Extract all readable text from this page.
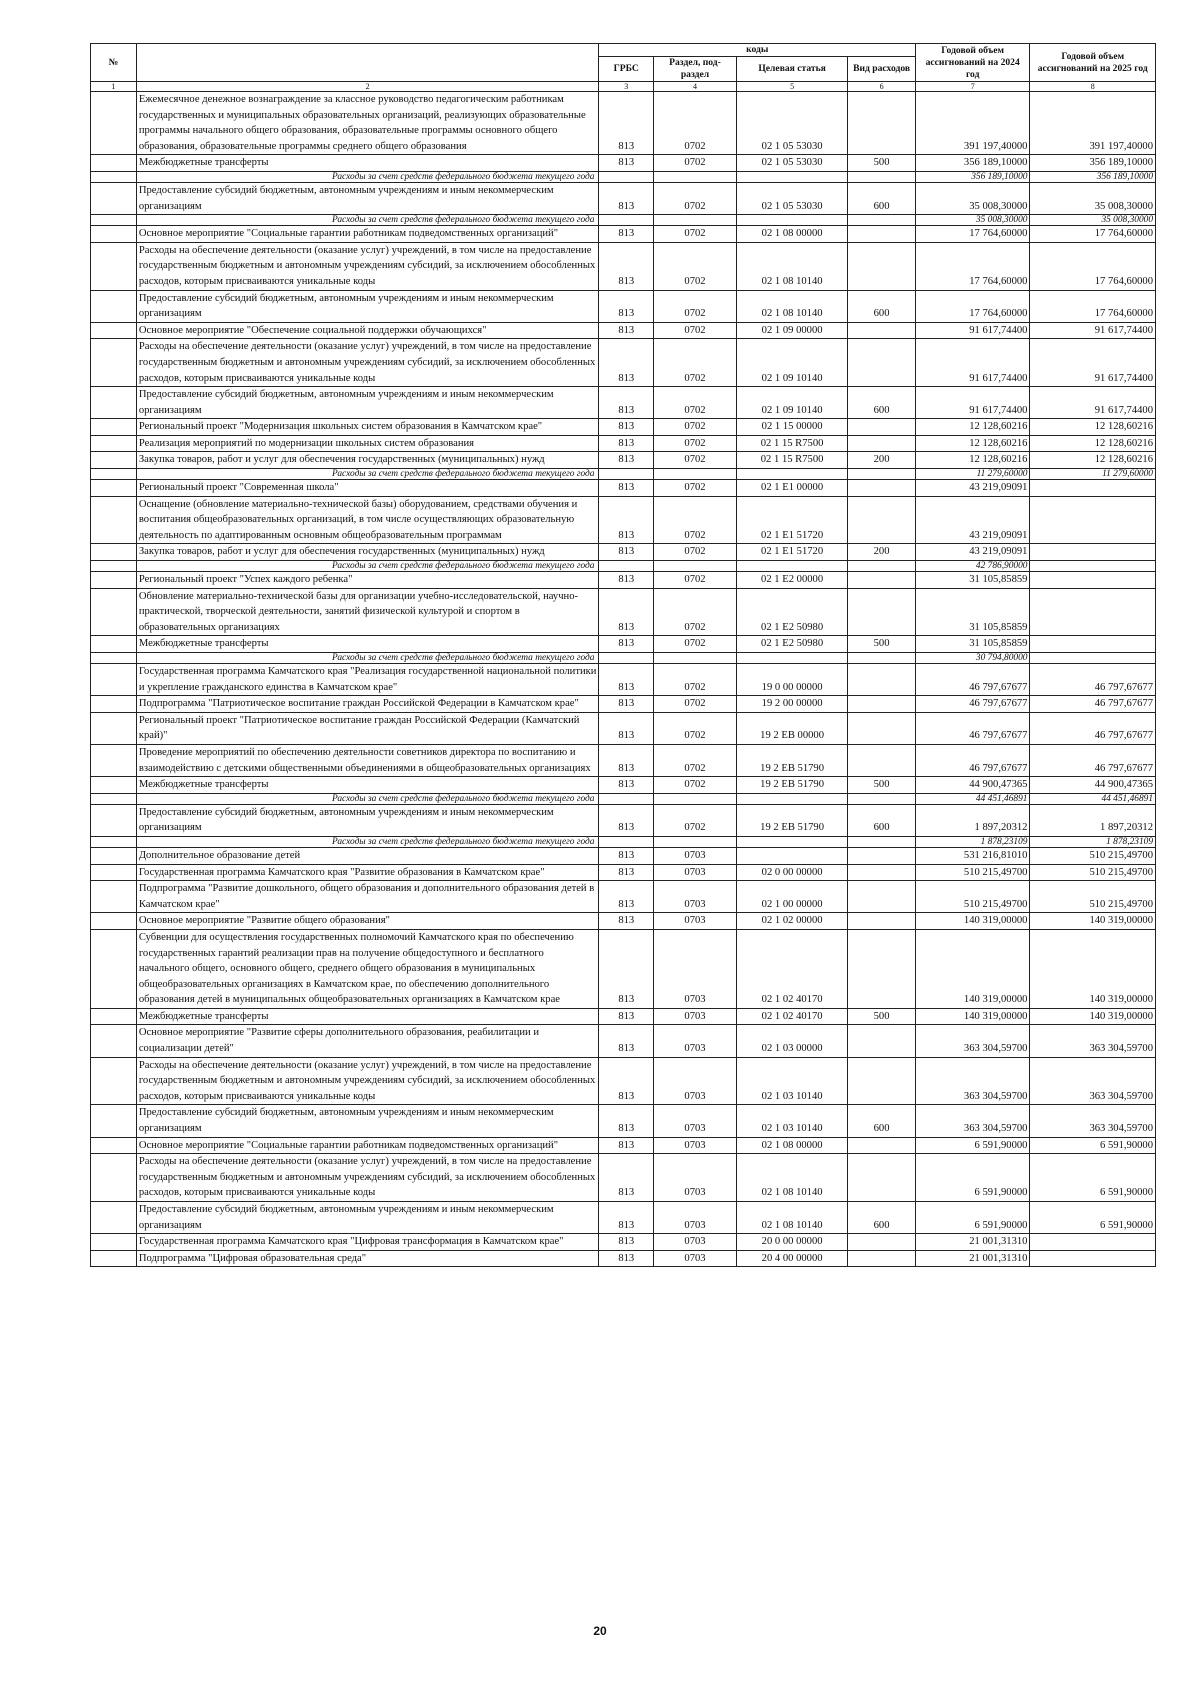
№		коды				Годовой объем ассигнований на 2024 год	Годовой объем ассигнований на 2025 год
		ГРБС	Раздел, под-раздел	Целевая статья	Вид расходов		
1	2	3	4	5	6	7	8
	Ежемесячное денежное вознаграждение за классное руководство педагогическим работникам государственных и муниципальных образовательных организаций, реализующих образовательные программы начального общего образования, образовательные программы основного общего образования, образовательные программы среднего общего образования	813	0702	02 1 05 53030		391 197,40000	391 197,40000
	Межбюджетные трансферты	813	0702	02 1 05 53030	500	356 189,10000	356 189,10000
	Расходы за счет средств федерального бюджета текущего года					356 189,10000	356 189,10000
	Предоставление субсидий бюджетным, автономным учреждениям и иным некоммерческим организациям	813	0702	02 1 05 53030	600	35 008,30000	35 008,30000
	Расходы за счет средств федерального бюджета текущего года					35 008,30000	35 008,30000
	Основное мероприятие "Социальные гарантии работникам подведомственных организаций"	813	0702	02 1 08 00000		17 764,60000	17 764,60000
	Расходы на обеспечение деятельности (оказание услуг) учреждений, в том числе на предоставление государственным бюджетным и автономным учреждениям субсидий, за исключением обособленных расходов, которым присваиваются уникальные коды	813	0702	02 1 08 10140		17 764,60000	17 764,60000
	Предоставление субсидий бюджетным, автономным учреждениям и иным некоммерческим организациям	813	0702	02 1 08 10140	600	17 764,60000	17 764,60000
	Основное мероприятие "Обеспечение социальной поддержки обучающихся"	813	0702	02 1 09 00000		91 617,74400	91 617,74400
	Расходы на обеспечение деятельности (оказание услуг) учреждений, в том числе на предоставление государственным бюджетным и автономным учреждениям субсидий, за исключением обособленных расходов, которым присваиваются уникальные коды	813	0702	02 1 09 10140		91 617,74400	91 617,74400
	Предоставление субсидий бюджетным, автономным учреждениям и иным некоммерческим организациям	813	0702	02 1 09 10140	600	91 617,74400	91 617,74400
	Региональный проект "Модернизация школьных систем образования в Камчатском крае"	813	0702	02 1 15 00000		12 128,60216	12 128,60216
	Реализация мероприятий по модернизации школьных систем образования	813	0702	02 1 15 R7500		12 128,60216	12 128,60216
	Закупка товаров, работ и услуг для обеспечения государственных (муниципальных) нужд	813	0702	02 1 15 R7500	200	12 128,60216	12 128,60216
	Расходы за счет средств федерального бюджета текущего года					11 279,60000	11 279,60000
	Региональный проект "Современная школа"	813	0702	02 1 E1 00000		43 219,09091	
	Оснащение (обновление материально-технической базы) оборудованием, средствами обучения и воспитания общеобразовательных организаций, в том числе осуществляющих образовательную деятельность по адаптированным основным общеобразовательным программам	813	0702	02 1 E1 51720		43 219,09091	
	Закупка товаров, работ и услуг для обеспечения государственных (муниципальных) нужд	813	0702	02 1 E1 51720	200	43 219,09091	
	Расходы за счет средств федерального бюджета текущего года					42 786,90000	
	Региональный проект "Успех каждого ребенка"	813	0702	02 1 E2 00000		31 105,85859	
	Обновление материально-технической базы для организации учебно-исследовательской, научно-практической, творческой деятельности, занятий физической культурой и спортом в образовательных организациях	813	0702	02 1 E2 50980		31 105,85859	
	Межбюджетные трансферты	813	0702	02 1 E2 50980	500	31 105,85859	
	Расходы за счет средств федерального бюджета текущего года					30 794,80000	
	Государственная программа Камчатского края "Реализация государственной национальной политики и укрепление гражданского единства в Камчатском крае"	813	0702	19 0 00 00000		46 797,67677	46 797,67677
	Подпрограмма "Патриотическое воспитание граждан Российской Федерации в Камчатском крае"	813	0702	19 2 00 00000		46 797,67677	46 797,67677
	Региональный проект "Патриотическое воспитание граждан Российской Федерации (Камчатский край)"	813	0702	19 2 EB 00000		46 797,67677	46 797,67677
	Проведение мероприятий по обеспечению деятельности советников директора по воспитанию и взаимодействию с детскими общественными объединениями в общеобразовательных организациях	813	0702	19 2 EB 51790		46 797,67677	46 797,67677
	Межбюджетные трансферты	813	0702	19 2 EB 51790	500	44 900,47365	44 900,47365
	Расходы за счет средств федерального бюджета текущего года					44 451,46891	44 451,46891
	Предоставление субсидий бюджетным, автономным учреждениям и иным некоммерческим организациям	813	0702	19 2 EB 51790	600	1 897,20312	1 897,20312
	Расходы за счет средств федерального бюджета текущего года					1 878,23109	1 878,23109
	Дополнительное образование детей	813	0703			531 216,81010	510 215,49700
	Государственная программа Камчатского края "Развитие образования в Камчатском крае"	813	0703	02 0 00 00000		510 215,49700	510 215,49700
	Подпрограмма "Развитие дошкольного, общего образования и дополнительного образования детей в Камчатском крае"	813	0703	02 1 00 00000		510 215,49700	510 215,49700
	Основное мероприятие "Развитие общего образования"	813	0703	02 1 02 00000		140 319,00000	140 319,00000
	Субвенции для осуществления государственных полномочий Камчатского края по обеспечению государственных гарантий реализации прав на получение общедоступного и бесплатного начального общего, основного общего, среднего общего образования в муниципальных общеобразовательных организациях в Камчатском крае, по обеспечению дополнительного образования детей в муниципальных общеобразовательных организациях в Камчатском крае	813	0703	02 1 02 40170		140 319,00000	140 319,00000
	Межбюджетные трансферты	813	0703	02 1 02 40170	500	140 319,00000	140 319,00000
	Основное мероприятие "Развитие сферы дополнительного образования, реабилитации и социализации детей"	813	0703	02 1 03 00000		363 304,59700	363 304,59700
	Расходы на обеспечение деятельности (оказание услуг) учреждений, в том числе на предоставление государственным бюджетным и автономным учреждениям субсидий, за исключением обособленных расходов, которым присваиваются уникальные коды	813	0703	02 1 03 10140		363 304,59700	363 304,59700
	Предоставление субсидий бюджетным, автономным учреждениям и иным некоммерческим организациям	813	0703	02 1 03 10140	600	363 304,59700	363 304,59700
	Основное мероприятие "Социальные гарантии работникам подведомственных организаций"	813	0703	02 1 08 00000		6 591,90000	6 591,90000
	Расходы на обеспечение деятельности (оказание услуг) учреждений, в том числе на предоставление государственным бюджетным и автономным учреждениям субсидий, за исключением обособленных расходов, которым присваиваются уникальные коды	813	0703	02 1 08 10140		6 591,90000	6 591,90000
	Предоставление субсидий бюджетным, автономным учреждениям и иным некоммерческим организациям	813	0703	02 1 08 10140	600	6 591,90000	6 591,90000
	Государственная программа Камчатского края "Цифровая трансформация в Камчатском крае"	813	0703	20 0 00 00000		21 001,31310	
	Подпрограмма "Цифровая образовательная среда"	813	0703	20 4 00 00000		21 001,31310	
20
